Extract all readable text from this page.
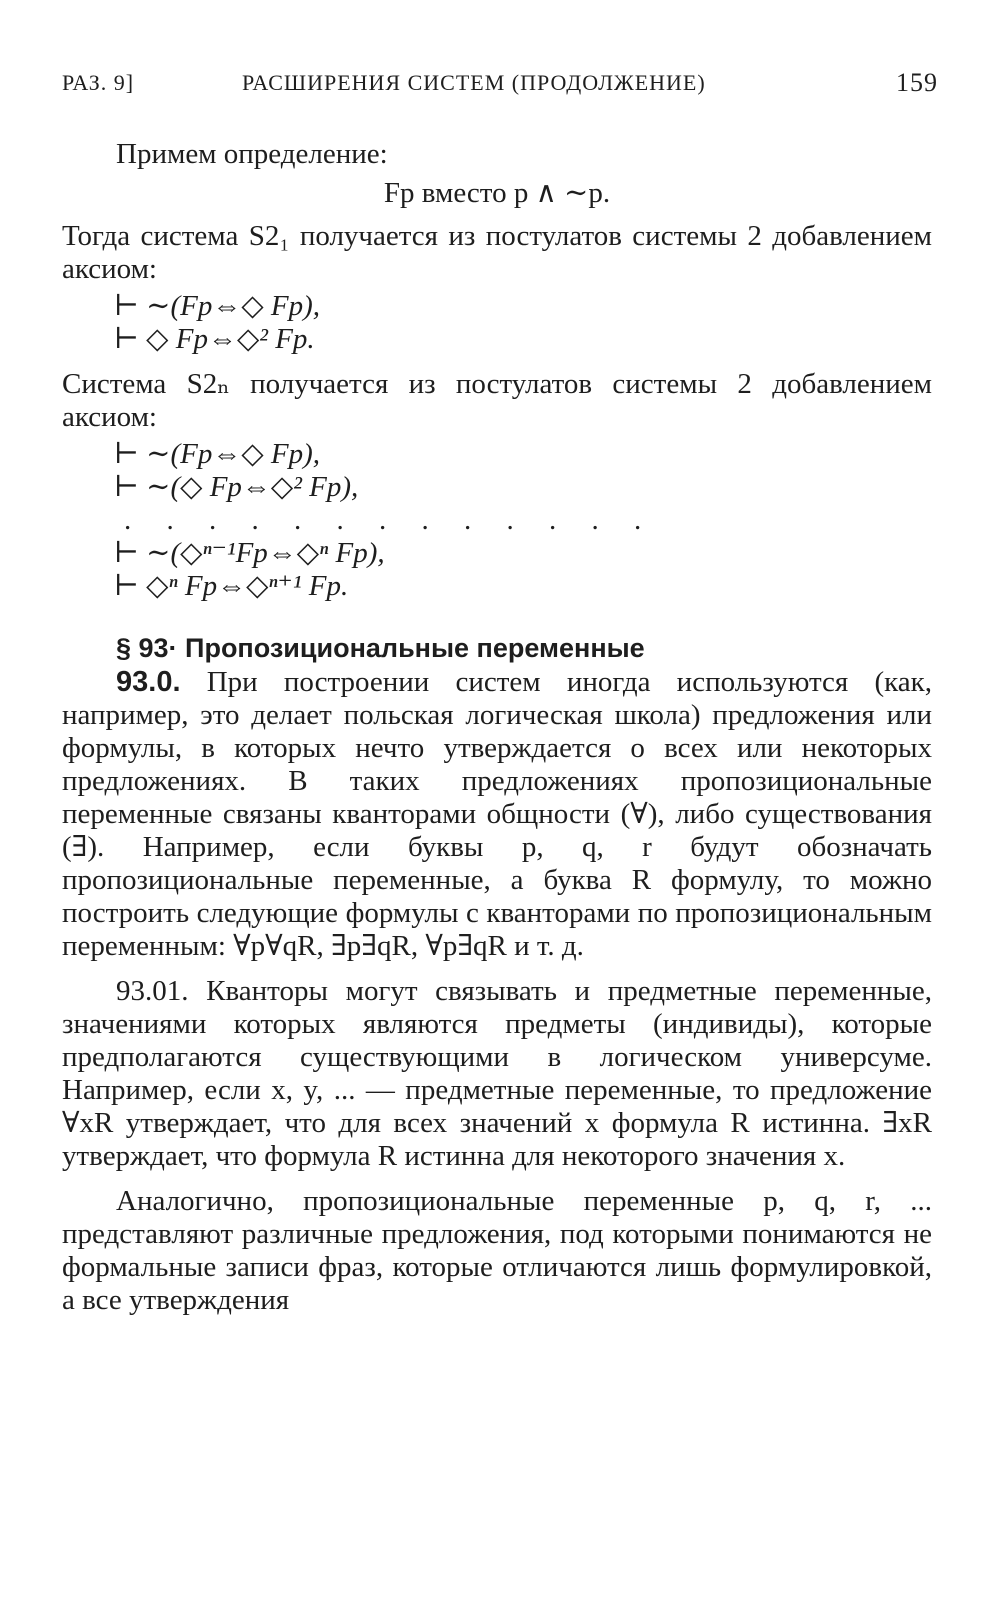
РАЗ. 9]	РАСШИРЕНИЯ СИСТЕМ (ПРОДОЛЖЕНИЕ)	159

Примем определение:

Fp вместо p ∧ ∼p.

Тогда система S2₁ получается из постулатов системы 2 добавлением аксиом:

⊢ ∼(Fp⇔◇ Fp),
⊢ ◇ Fp⇔◇² Fp.

Система S2ₙ получается из постулатов системы 2 добавлением аксиом:

⊢ ∼(Fp⇔◇ Fp),
⊢ ∼(◇ Fp⇔◇² Fp),
. . . . . . . . . . . . .
⊢ ∼(◇ⁿ⁻¹Fp⇔◇ⁿ Fp),
⊢ ◇ⁿ Fp⇔◇ⁿ⁺¹ Fp.
§ 93· Пропозициональные переменные

93.0. При построении систем иногда используются (как, например, это делает польская логическая школа) предложения или формулы, в которых нечто утверждается о всех или некоторых предложениях. В таких предложениях пропозициональные переменные связаны кванторами общности (∀), либо существования (∃). Например, если буквы p, q, r будут обозначать пропозициональные переменные, а буква R формулу, то можно построить следующие формулы с кванторами по пропозициональным переменным: ∀p∀qR, ∃p∃qR, ∀p∃qR и т. д.

93.01. Кванторы могут связывать и предметные переменные, значениями которых являются предметы (индивиды), которые предполагаются существующими в логическом универсуме. Например, если x, y, ... — предметные переменные, то предложение ∀xR утверждает, что для всех значений x формула R истинна. ∃xR утверждает, что формула R истинна для некоторого значения x.

Аналогично, пропозициональные переменные p, q, r, ... представляют различные предложения, под которыми понимаются не формальные записи фраз, которые отличаются лишь формулировкой, а все утверждения
